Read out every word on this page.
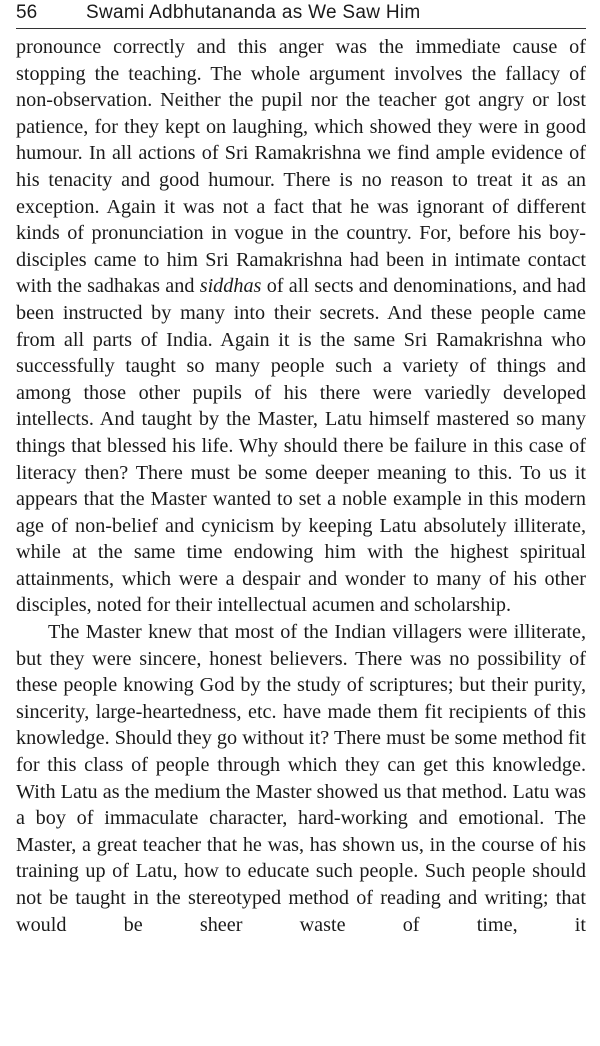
56	Swami Adbhutananda as We Saw Him

pronounce correctly and this anger was the immediate cause of stopping the teaching. The whole argument involves the fallacy of non-observation. Neither the pupil nor the teacher got angry or lost patience, for they kept on laughing, which showed they were in good humour. In all actions of Sri Ramakrishna we find ample evidence of his tenacity and good humour. There is no reason to treat it as an exception. Again it was not a fact that he was ignorant of different kinds of pronunciation in vogue in the country. For, before his boy-disciples came to him Sri Ramakrishna had been in intimate contact with the sadhakas and siddhas of all sects and denominations, and had been instructed by many into their secrets. And these people came from all parts of India. Again it is the same Sri Ramakrishna who successfully taught so many people such a variety of things and among those other pupils of his there were variedly developed intellects. And taught by the Master, Latu himself mastered so many things that blessed his life. Why should there be failure in this case of literacy then? There must be some deeper meaning to this. To us it appears that the Master wanted to set a noble example in this modern age of non-belief and cynicism by keeping Latu absolutely illiterate, while at the same time endowing him with the highest spiritual attainments, which were a despair and wonder to many of his other disciples, noted for their intellectual acumen and scholarship.

The Master knew that most of the Indian villagers were illiterate, but they were sincere, honest believers. There was no possibility of these people knowing God by the study of scriptures; but their purity, sincerity, large-heartedness, etc. have made them fit recipients of this knowledge. Should they go without it? There must be some method fit for this class of people through which they can get this knowledge. With Latu as the medium the Master showed us that method. Latu was a boy of immaculate character, hard-working and emotional. The Master, a great teacher that he was, has shown us, in the course of his training up of Latu, how to educate such people. Such people should not be taught in the stereotyped method of reading and writing; that would be sheer waste of time, it
